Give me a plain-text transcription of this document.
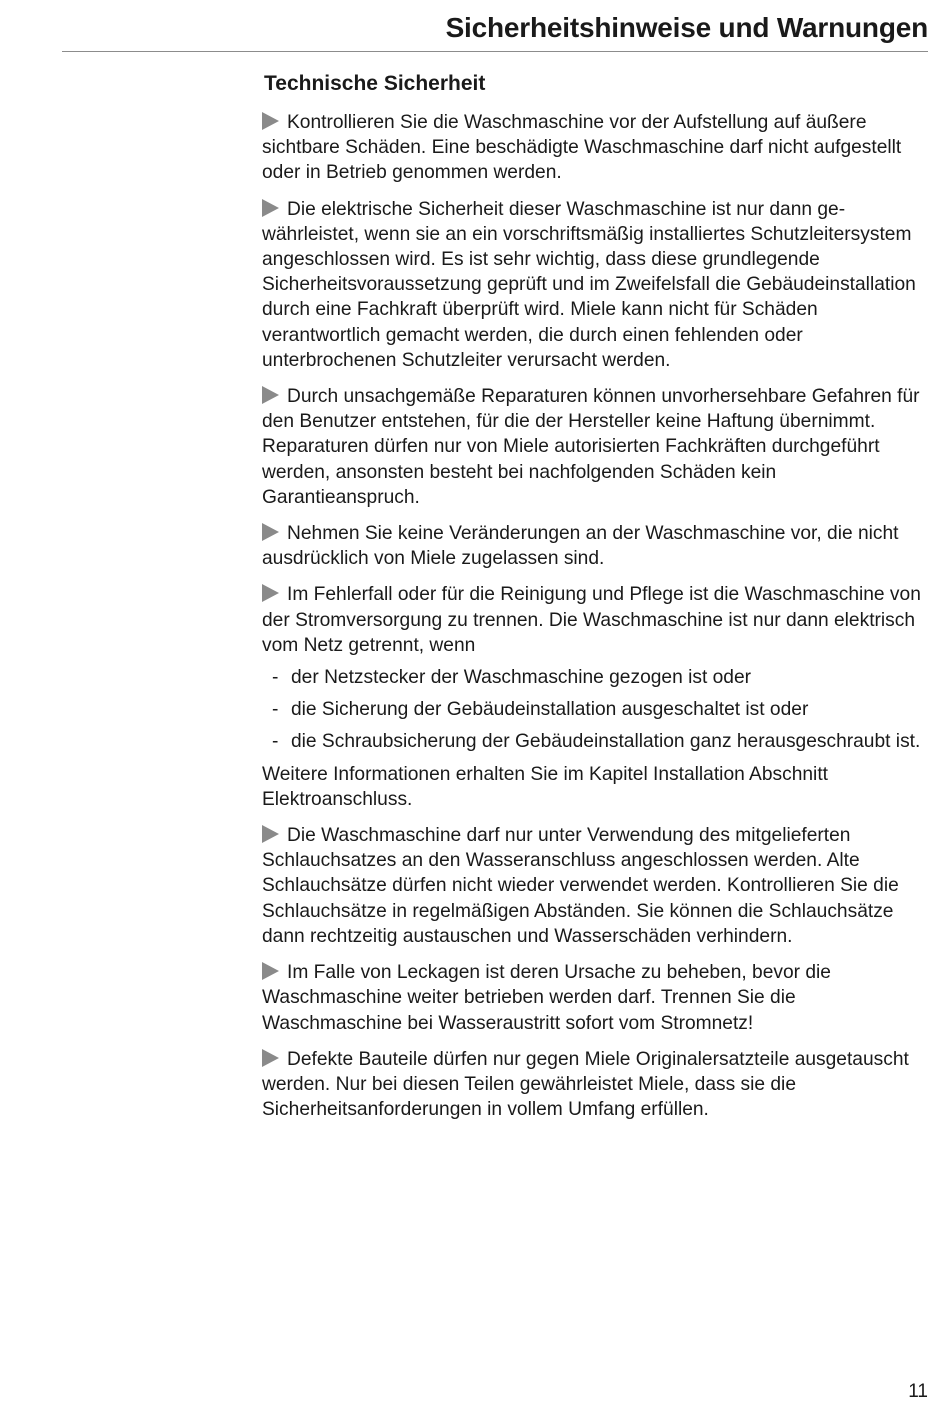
Sicherheitshinweise und Warnungen
Technische Sicherheit

Kontrollieren Sie die Waschmaschine vor der Aufstellung auf äußere sichtbare Schäden. Eine beschädigte Waschmaschine darf nicht aufgestellt oder in Betrieb genommen werden.

Die elektrische Sicherheit dieser Waschmaschine ist nur dann gewährleistet, wenn sie an ein vorschriftsmäßig installiertes Schutzleitersystem angeschlossen wird. Es ist sehr wichtig, dass diese grundlegende Sicherheitsvoraussetzung geprüft und im Zweifelsfall die Gebäudeinstallation durch eine Fachkraft überprüft wird. Miele kann nicht für Schäden verantwortlich gemacht werden, die durch einen fehlenden oder unterbrochenen Schutzleiter verursacht werden.

Durch unsachgemäße Reparaturen können unvorhersehbare Gefahren für den Benutzer entstehen, für die der Hersteller keine Haftung übernimmt. Reparaturen dürfen nur von Miele autorisierten Fachkräften durchgeführt werden, ansonsten besteht bei nachfolgenden Schäden kein Garantieanspruch.

Nehmen Sie keine Veränderungen an der Waschmaschine vor, die nicht ausdrücklich von Miele zugelassen sind.

Im Fehlerfall oder für die Reinigung und Pflege ist die Waschmaschine von der Stromversorgung zu trennen. Die Waschmaschine ist nur dann elektrisch vom Netz getrennt, wenn

- der Netzstecker der Waschmaschine gezogen ist oder
- die Sicherung der Gebäudeinstallation ausgeschaltet ist oder
- die Schraubsicherung der Gebäudeinstallation ganz herausgeschraubt ist.

Weitere Informationen erhalten Sie im Kapitel Installation Abschnitt Elektroanschluss.

Die Waschmaschine darf nur unter Verwendung des mitgelieferten Schlauchsatzes an den Wasseranschluss angeschlossen werden. Alte Schlauchsätze dürfen nicht wieder verwendet werden. Kontrollieren Sie die Schlauchsätze in regelmäßigen Abständen. Sie können die Schlauchsätze dann rechtzeitig austauschen und Wasserschäden verhindern.

Im Falle von Leckagen ist deren Ursache zu beheben, bevor die Waschmaschine weiter betrieben werden darf. Trennen Sie die Waschmaschine bei Wasseraustritt sofort vom Stromnetz!

Defekte Bauteile dürfen nur gegen Miele Originalersatzteile ausgetauscht werden. Nur bei diesen Teilen gewährleistet Miele, dass sie die Sicherheitsanforderungen in vollem Umfang erfüllen.

11
